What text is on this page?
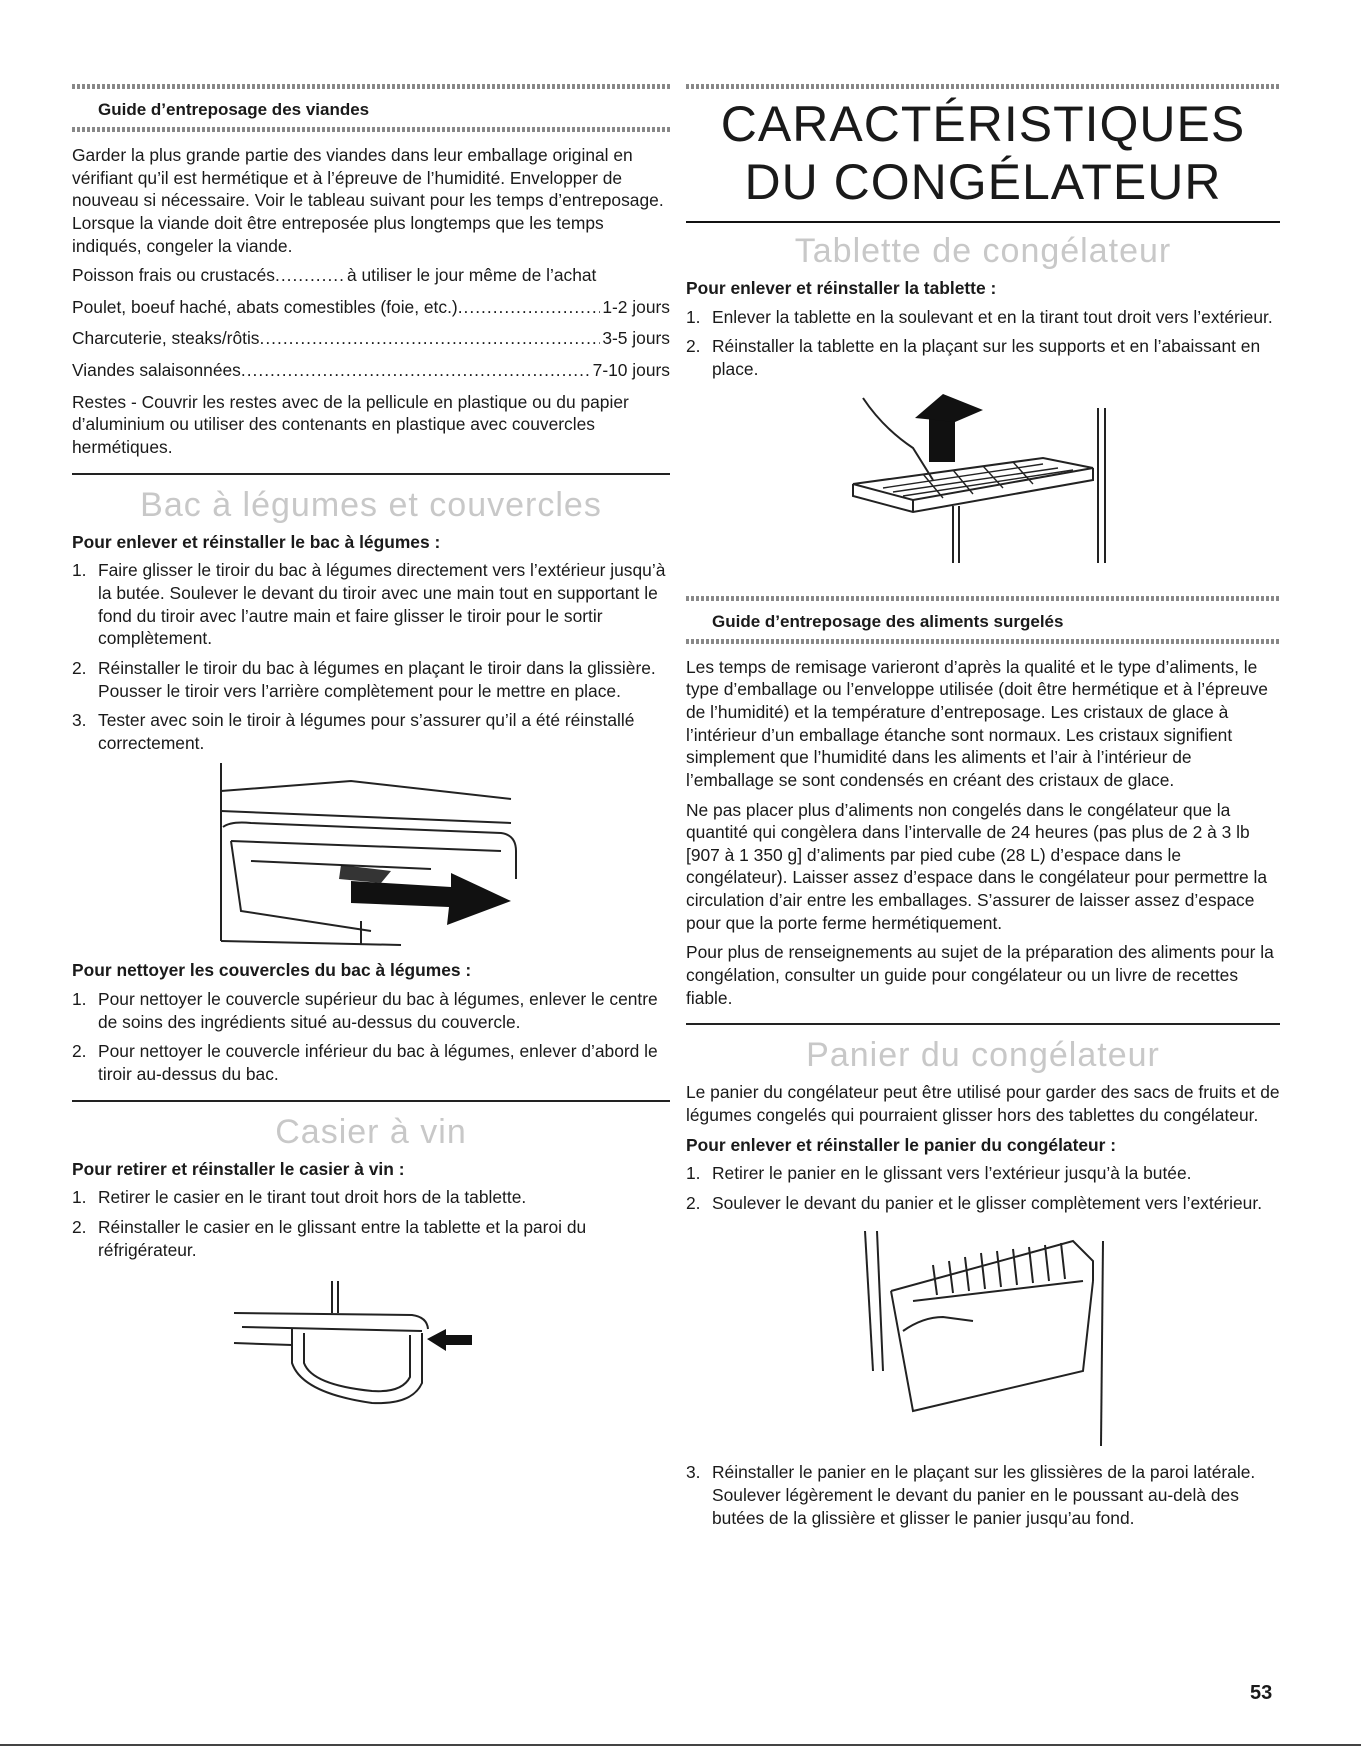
Guide d’entreposage des viandes

Garder la plus grande partie des viandes dans leur emballage original en vérifiant qu’il est hermétique et à l’épreuve de l’humidité. Envelopper de nouveau si nécessaire. Voir le tableau suivant pour les temps d’entreposage. Lorsque la viande doit être entreposée plus longtemps que les temps indiqués, congeler la viande.

Poisson frais ou crustacés .....	à utiliser le jour même de l’achat
Poulet, boeuf haché, abats comestibles (foie, etc.) .....	1-2 jours
Charcuterie, steaks/rôtis .....	3-5 jours
Viandes salaisonnées .....	7-10 jours

Restes - Couvrir les restes avec de la pellicule en plastique ou du papier d’aluminium ou utiliser des contenants en plastique avec couvercles hermétiques.

Bac à légumes et couvercles

Pour enlever et réinstaller le bac à légumes :

1. Faire glisser le tiroir du bac à légumes directement vers l’extérieur jusqu’à la butée. Soulever le devant du tiroir avec une main tout en supportant le fond du tiroir avec l’autre main et faire glisser le tiroir pour le sortir complètement.
2. Réinstaller le tiroir du bac à légumes en plaçant le tiroir dans la glissière. Pousser le tiroir vers l’arrière complètement pour le mettre en place.
3. Tester avec soin le tiroir à légumes pour s’assurer qu’il a été réinstallé correctement.

Pour nettoyer les couvercles du bac à légumes :

1. Pour nettoyer le couvercle supérieur du bac à légumes, enlever le centre de soins des ingrédients situé au-dessus du couvercle.
2. Pour nettoyer le couvercle inférieur du bac à légumes, enlever d’abord le tiroir au-dessus du bac.
Casier à vin

Pour retirer et réinstaller le casier à vin :

1. Retirer le casier en le tirant tout droit hors de la tablette.
2. Réinstaller le casier en le glissant entre la tablette et la paroi du réfrigérateur.
CARACTÉRISTIQUES DU CONGÉLATEUR
Tablette de congélateur

Pour enlever et réinstaller la tablette :

1. Enlever la tablette en la soulevant et en la tirant tout droit vers l’extérieur.
2. Réinstaller la tablette en la plaçant sur les supports et en l’abaissant en place.
Guide d’entreposage des aliments surgelés

Les temps de remisage varieront d’après la qualité et le type d’aliments, le type d’emballage ou l’enveloppe utilisée (doit être hermétique et à l’épreuve de l’humidité) et la température d’entreposage. Les cristaux de glace à l’intérieur d’un emballage étanche sont normaux. Les cristaux signifient simplement que l’humidité dans les aliments et l’air à l’intérieur de l’emballage se sont condensés en créant des cristaux de glace.

Ne pas placer plus d’aliments non congelés dans le congélateur que la quantité qui congèlera dans l’intervalle de 24 heures (pas plus de 2 à 3 lb [907 à 1 350 g] d’aliments par pied cube (28 L) d’espace dans le congélateur). Laisser assez d’espace dans le congélateur pour permettre la circulation d’air entre les emballages. S’assurer de laisser assez d’espace pour que la porte ferme hermétiquement.

Pour plus de renseignements au sujet de la préparation des aliments pour la congélation, consulter un guide pour congélateur ou un livre de recettes fiable.

Panier du congélateur

Le panier du congélateur peut être utilisé pour garder des sacs de fruits et de légumes congelés qui pourraient glisser hors des tablettes du congélateur.

Pour enlever et réinstaller le panier du congélateur :

1. Retirer le panier en le glissant vers l’extérieur jusqu’à la butée.
2. Soulever le devant du panier et le glisser complètement vers l’extérieur.
3. Réinstaller le panier en le plaçant sur les glissières de la paroi latérale. Soulever légèrement le devant du panier en le poussant au-delà des butées de la glissière et glisser le panier jusqu’au fond.
53
